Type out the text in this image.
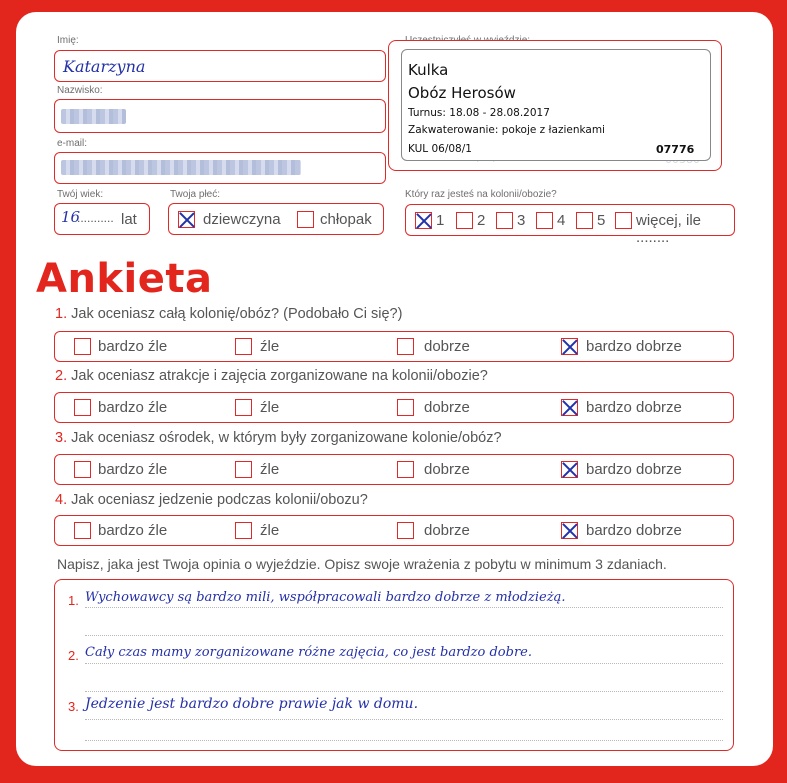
Imię:
Katarzyna
Nazwisko:
e-mail:
Twój wiek:
16
........... lat
Twoja płeć:
dziewczyna	chłopak
Kulka
Obóz Herosów
Turnus: 18.08 - 28.08.2017
Zakwaterowanie: pokoje z łazienkami
KUL 06/08/1	07776
Który raz jesteś na kolonii/obozie?
1 2 3 4 5 więcej, ile ........
Ankieta
1. Jak oceniasz całą kolonię/obóz? (Podobało Ci się?)
bardzo źle	źle	dobrze	bardzo dobrze
2. Jak oceniasz atrakcje i zajęcia zorganizowane na kolonii/obozie?
bardzo źle	źle	dobrze	bardzo dobrze
3. Jak oceniasz ośrodek, w którym były zorganizowane kolonie/obóz?
bardzo źle	źle	dobrze	bardzo dobrze
4. Jak oceniasz jedzenie podczas kolonii/obozu?
bardzo źle	źle	dobrze	bardzo dobrze
Napisz, jaka jest Twoja opinia o wyjeździe. Opisz swoje wrażenia z pobytu w minimum 3 zdaniach.
1. Wychowawcy są bardzo mili, współpracowali bardzo dobrze z młodzieżą.
2. Cały czas mamy zorganizowane różne zajęcia, co jest bardzo dobre.
3. Jedzenie jest bardzo dobre prawie jak w domu.
